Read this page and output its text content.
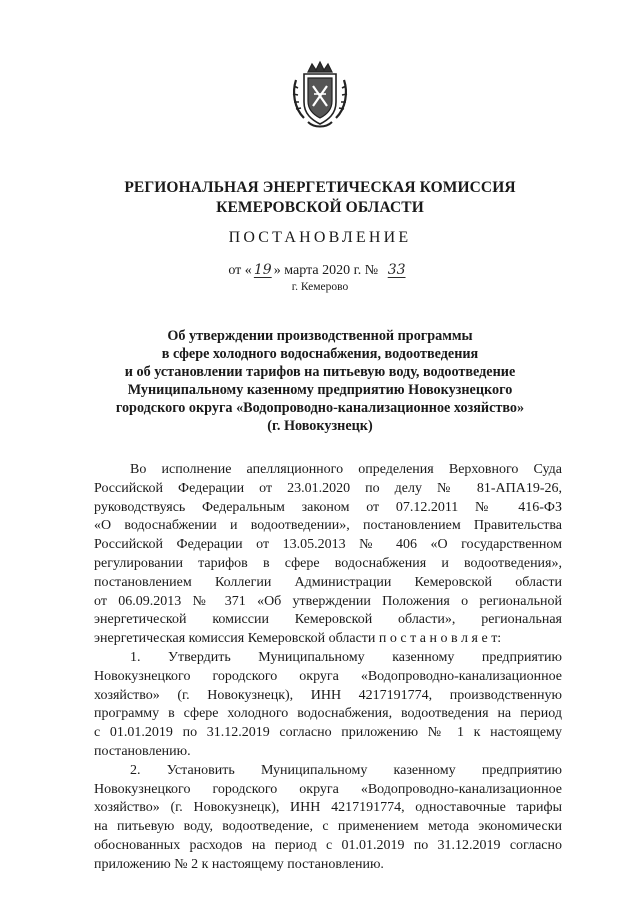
РЕГИОНАЛЬНАЯ ЭНЕРГЕТИЧЕСКАЯ КОМИССИЯ
КЕМЕРОВСКОЙ ОБЛАСТИ
ПОСТАНОВЛЕНИЕ
от « 19 » марта 2020 г. № 33
г. Кемерово
Об утверждении производственной программы
в сфере холодного водоснабжения, водоотведения
и об установлении тарифов на питьевую воду, водоотведение
Муниципальному казенному предприятию Новокузнецкого
городского округа «Водопроводно-канализационное хозяйство»
(г. Новокузнецк)
Во исполнение апелляционного определения Верховного Суда
Российской Федерации от 23.01.2020 по делу № 81-АПА19-26,
руководствуясь Федеральным законом от 07.12.2011 № 416-ФЗ
«О водоснабжении и водоотведении», постановлением Правительства
Российской Федерации от 13.05.2013 № 406 «О государственном
регулировании тарифов в сфере водоснабжения и водоотведения»,
постановлением Коллегии Администрации Кемеровской области
от 06.09.2013 № 371 «Об утверждении Положения о региональной
энергетической комиссии Кемеровской области», региональная
энергетическая комиссия Кемеровской области п о с т а н о в л я е т:
1. Утвердить Муниципальному казенному предприятию
Новокузнецкого городского округа «Водопроводно-канализационное
хозяйство» (г. Новокузнецк), ИНН 4217191774, производственную
программу в сфере холодного водоснабжения, водоотведения на период
с 01.01.2019 по 31.12.2019 согласно приложению № 1 к настоящему
постановлению.
2. Установить Муниципальному казенному предприятию
Новокузнецкого городского округа «Водопроводно-канализационное
хозяйство» (г. Новокузнецк), ИНН 4217191774, одноставочные тарифы
на питьевую воду, водоотведение, с применением метода экономически
обоснованных расходов на период с 01.01.2019 по 31.12.2019 согласно
приложению № 2 к настоящему постановлению.
